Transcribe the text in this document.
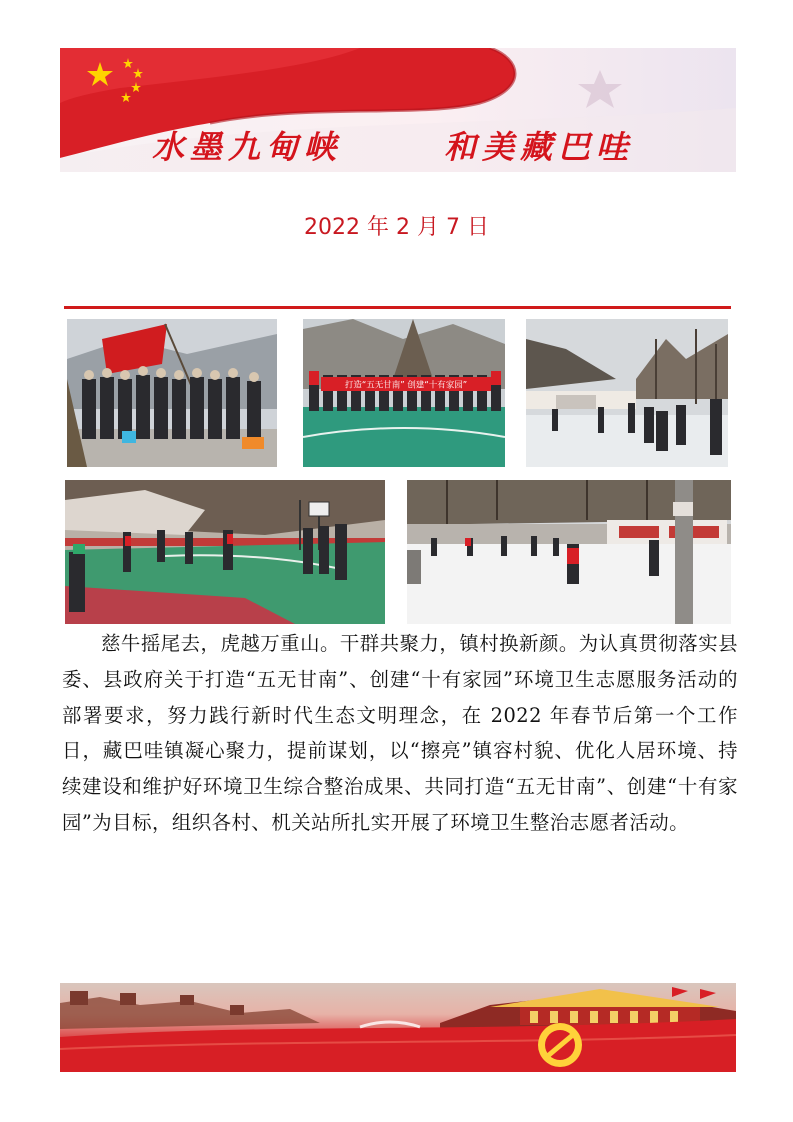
水墨九甸峡	和美藏巴哇
2022 年 2 月 7 日
打造“五无甘南” 创建“十有家园”
慈牛摇尾去，虎越万重山。干群共聚力，镇村换新颜。为认真贯彻落实县委、县政府关于打造“五无甘南”、创建“十有家园”环境卫生志愿服务活动的部署要求，努力践行新时代生态文明理念，在 2022 年春节后第一个工作日，藏巴哇镇凝心聚力，提前谋划，以“擦亮”镇容村貌、优化人居环境、持续建设和维护好环境卫生综合整治成果、共同打造“五无甘南”、创建“十有家园”为目标，组织各村、机关站所扎实开展了环境卫生整治志愿者活动。
